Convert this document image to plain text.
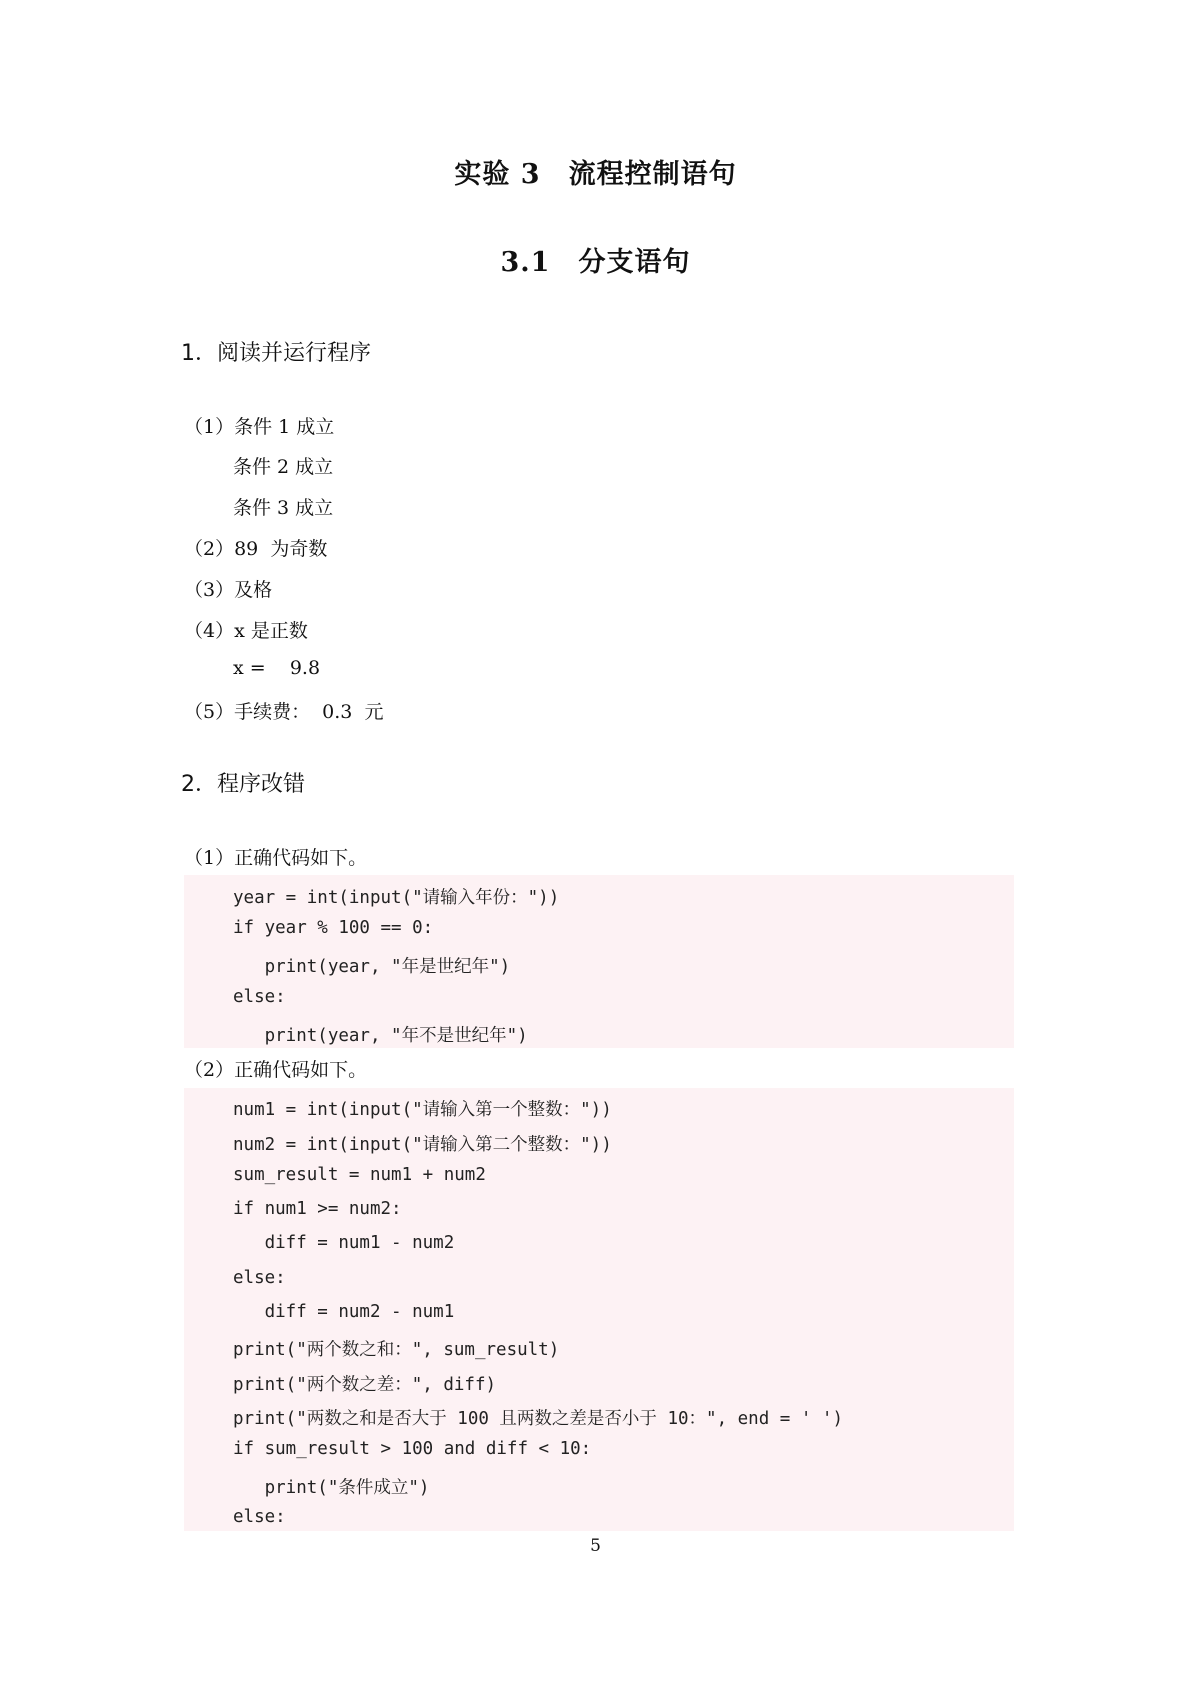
实验 3　流程控制语句
3.1　分支语句
1．阅读并运行程序
（1）条件 1 成立
条件 2 成立
条件 3 成立
（2）89  为奇数
（3）及格
（4）x 是正数
x =    9.8
（5）手续费：  0.3  元
2．程序改错
（1）正确代码如下。
year = int(input("请输入年份："))
if year % 100 == 0:
print(year, "年是世纪年")
else:
print(year, "年不是世纪年")
（2）正确代码如下。
num1 = int(input("请输入第一个整数："))
num2 = int(input("请输入第二个整数："))
sum_result = num1 + num2
if num1 >= num2:
diff = num1 - num2
else:
diff = num2 - num1
print("两个数之和：", sum_result)
print("两个数之差：", diff)
print("两数之和是否大于 100 且两数之差是否小于 10：", end = ' ')
if sum_result > 100 and diff < 10:
print("条件成立")
else:
5
